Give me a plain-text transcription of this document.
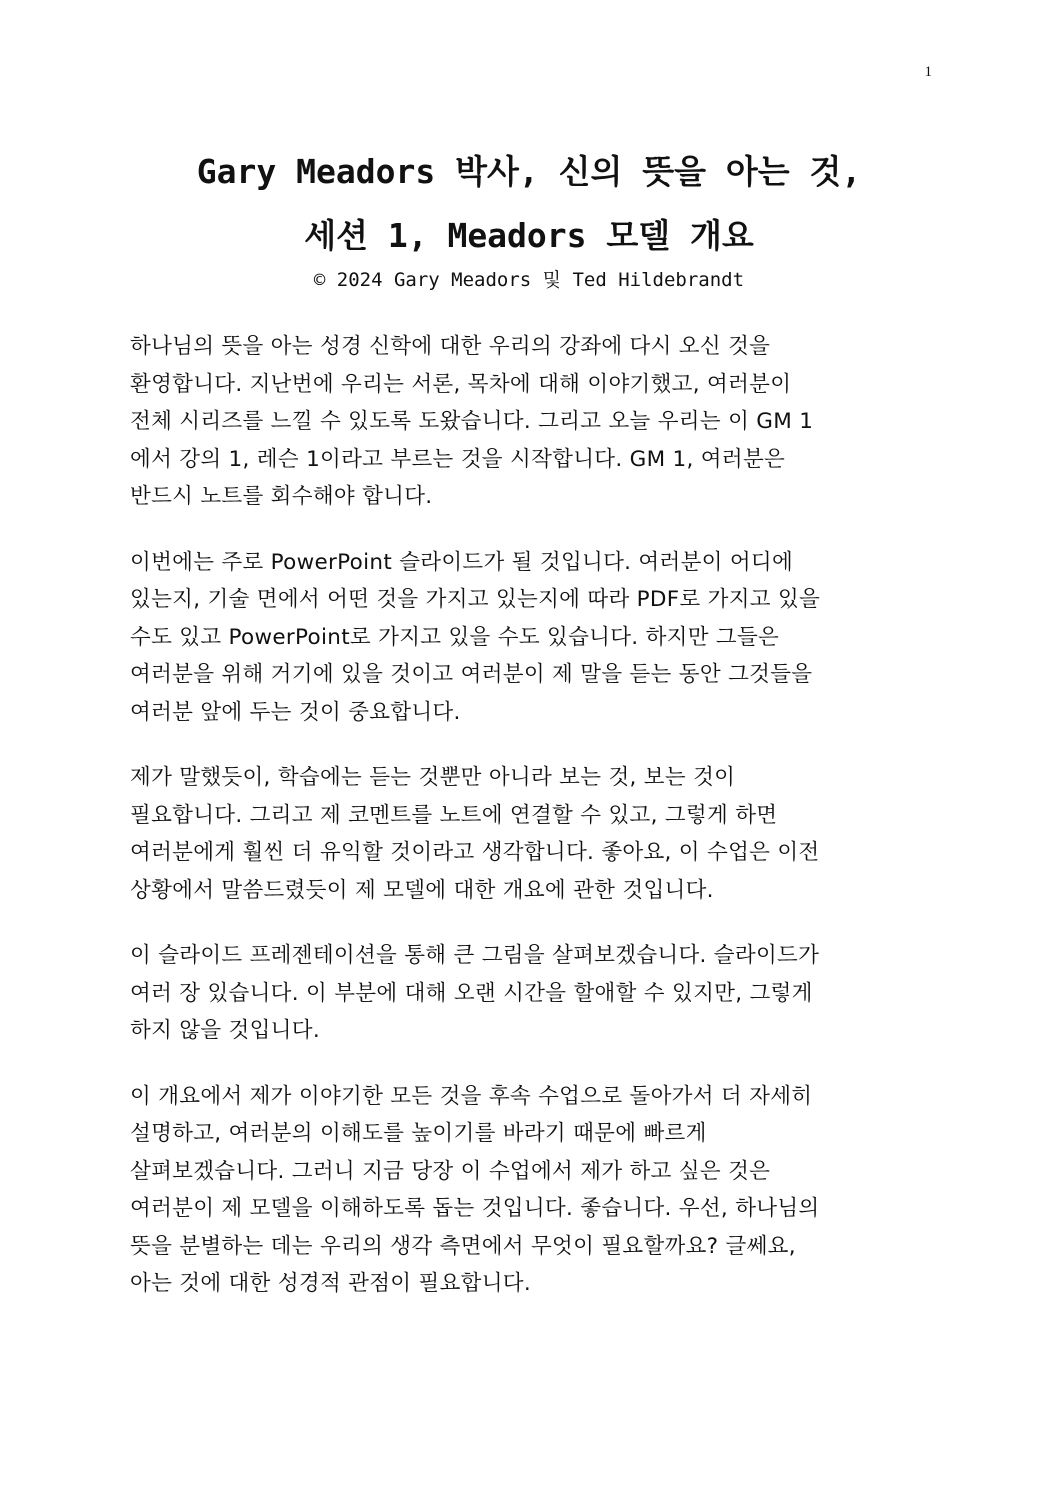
1
Gary Meadors 박사, 신의 뜻을 아는 것,
세션 1, Meadors 모델 개요
© 2024 Gary Meadors 및 Ted Hildebrandt

하나님의 뜻을 아는 성경 신학에 대한 우리의 강좌에 다시 오신 것을
환영합니다. 지난번에 우리는 서론, 목차에 대해 이야기했고, 여러분이
전체 시리즈를 느낄 수 있도록 도왔습니다. 그리고 오늘 우리는 이 GM 1
에서 강의 1, 레슨 1이라고 부르는 것을 시작합니다. GM 1, 여러분은
반드시 노트를 회수해야 합니다.

이번에는 주로 PowerPoint 슬라이드가 될 것입니다. 여러분이 어디에
있는지, 기술 면에서 어떤 것을 가지고 있는지에 따라 PDF로 가지고 있을
수도 있고 PowerPoint로 가지고 있을 수도 있습니다. 하지만 그들은
여러분을 위해 거기에 있을 것이고 여러분이 제 말을 듣는 동안 그것들을
여러분 앞에 두는 것이 중요합니다.

제가 말했듯이, 학습에는 듣는 것뿐만 아니라 보는 것, 보는 것이
필요합니다. 그리고 제 코멘트를 노트에 연결할 수 있고, 그렇게 하면
여러분에게 훨씬 더 유익할 것이라고 생각합니다. 좋아요, 이 수업은 이전
상황에서 말씀드렸듯이 제 모델에 대한 개요에 관한 것입니다.

이 슬라이드 프레젠테이션을 통해 큰 그림을 살펴보겠습니다. 슬라이드가
여러 장 있습니다. 이 부분에 대해 오랜 시간을 할애할 수 있지만, 그렇게
하지 않을 것입니다.

이 개요에서 제가 이야기한 모든 것을 후속 수업으로 돌아가서 더 자세히
설명하고, 여러분의 이해도를 높이기를 바라기 때문에 빠르게
살펴보겠습니다. 그러니 지금 당장 이 수업에서 제가 하고 싶은 것은
여러분이 제 모델을 이해하도록 돕는 것입니다. 좋습니다. 우선, 하나님의
뜻을 분별하는 데는 우리의 생각 측면에서 무엇이 필요할까요? 글쎄요,
아는 것에 대한 성경적 관점이 필요합니다.
